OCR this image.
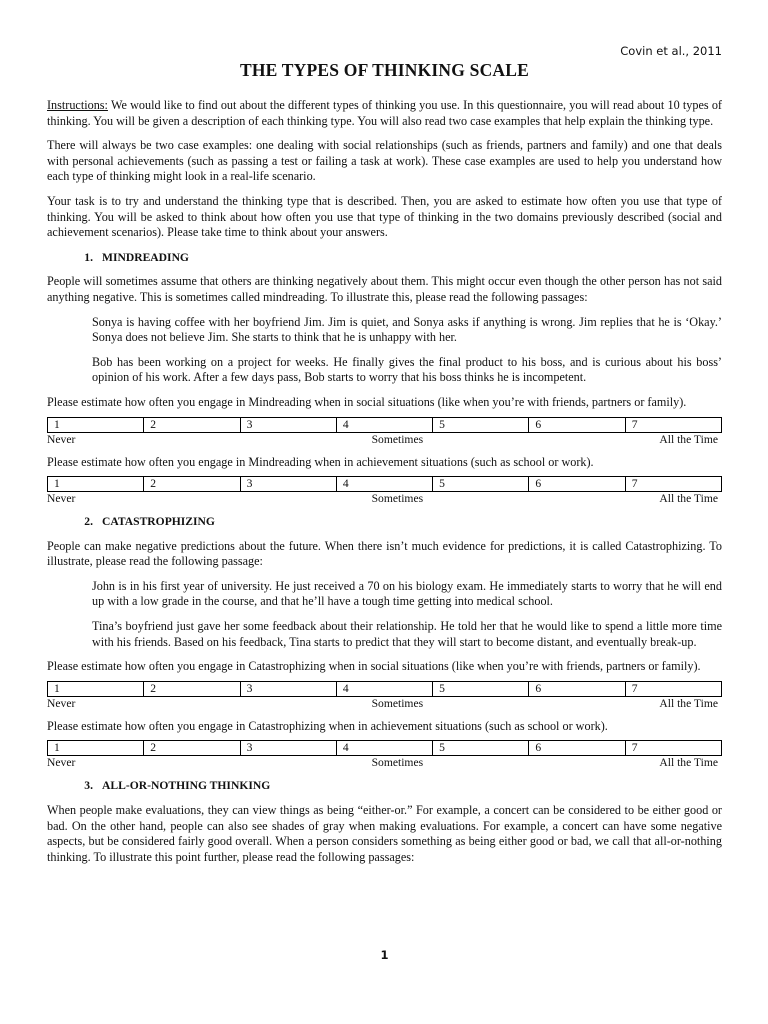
Covin et al., 2011
THE TYPES OF THINKING SCALE

Instructions: We would like to find out about the different types of thinking you use. In this questionnaire, you will read about 10 types of thinking. You will be given a description of each thinking type. You will also read two case examples that help explain the thinking type.

There will always be two case examples: one dealing with social relationships (such as friends, partners and family) and one that deals with personal achievements (such as passing a test or failing a task at work). These case examples are used to help you understand how each type of thinking might look in a real-life scenario.

Your task is to try and understand the thinking type that is described. Then, you are asked to estimate how often you use that type of thinking. You will be asked to think about how often you use that type of thinking in the two domains previously described (social and achievement scenarios). Please take time to think about your answers.

1. MINDREADING

People will sometimes assume that others are thinking negatively about them. This might occur even though the other person has not said anything negative. This is sometimes called mindreading. To illustrate this, please read the following passages:

Sonya is having coffee with her boyfriend Jim. Jim is quiet, and Sonya asks if anything is wrong. Jim replies that he is ‘Okay.’ Sonya does not believe Jim. She starts to think that he is unhappy with her.

Bob has been working on a project for weeks. He finally gives the final product to his boss, and is curious about his boss’ opinion of his work. After a few days pass, Bob starts to worry that his boss thinks he is incompetent.

Please estimate how often you engage in Mindreading when in social situations (like when you’re with friends, partners or family).

1	2	3	4	5	6	7
Never	Sometimes	All the Time

Please estimate how often you engage in Mindreading when in achievement situations (such as school or work).

1	2	3	4	5	6	7
Never	Sometimes	All the Time
2. CATASTROPHIZING

People can make negative predictions about the future. When there isn’t much evidence for predictions, it is called Catastrophizing. To illustrate, please read the following passage:

John is in his first year of university. He just received a 70 on his biology exam. He immediately starts to worry that he will end up with a low grade in the course, and that he’ll have a tough time getting into medical school.

Tina’s boyfriend just gave her some feedback about their relationship. He told her that he would like to spend a little more time with his friends. Based on his feedback, Tina starts to predict that they will start to become distant, and eventually break-up.

Please estimate how often you engage in Catastrophizing when in social situations (like when you’re with friends, partners or family).

1	2	3	4	5	6	7
Never	Sometimes	All the Time

Please estimate how often you engage in Catastrophizing when in achievement situations (such as school or work).

1	2	3	4	5	6	7
Never	Sometimes	All the Time
3. ALL-OR-NOTHING THINKING

When people make evaluations, they can view things as being “either-or.” For example, a concert can be considered to be either good or bad. On the other hand, people can also see shades of gray when making evaluations. For example, a concert can have some negative aspects, but be considered fairly good overall. When a person considers something as being either good or bad, we call that all-or-nothing thinking. To illustrate this point further, please read the following passages:

1
